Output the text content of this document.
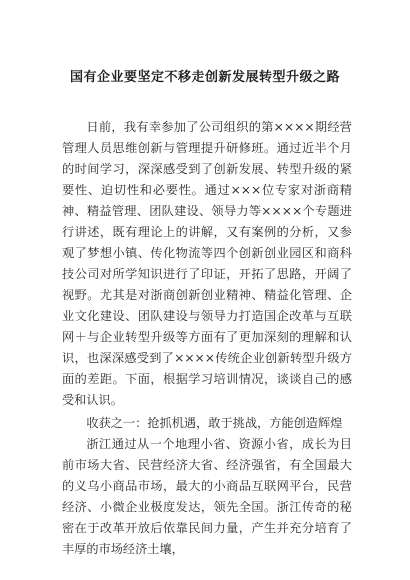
国有企业要坚定不移走创新发展转型升级之路

日前，我有幸参加了公司组织的第××××期经营管理人员思维创新与管理提升研修班。通过近半个月的时间学习，深深感受到了创新发展、转型升级的紧要性、迫切性和必要性。通过×××位专家对浙商精神、精益管理、团队建设、领导力等××××个专题进行讲述，既有理论上的讲解，又有案例的分析，又参观了梦想小镇、传化物流等四个创新创业园区和商科技公司对所学知识进行了印证，开拓了思路，开阔了视野。尤其是对浙商创新创业精神、精益化管理、企业文化建设、团队建设与领导力打造国企改革与互联网＋与企业转型升级等方面有了更加深刻的理解和认识，也深深感受到了××××传统企业创新转型升级方面的差距。下面，根据学习培训情况，谈谈自己的感受和认识。

收获之一：抢抓机遇，敢于挑战，方能创造辉煌

浙江通过从一个地理小省、资源小省，成长为目前市场大省、民营经济大省、经济强省，有全国最大的义乌小商品市场，最大的小商品互联网平台，民营经济、小微企业极度发达，领先全国。浙江传奇的秘密在于改革开放后依靠民间力量，产生并充分培育了丰厚的市场经济土壤，
